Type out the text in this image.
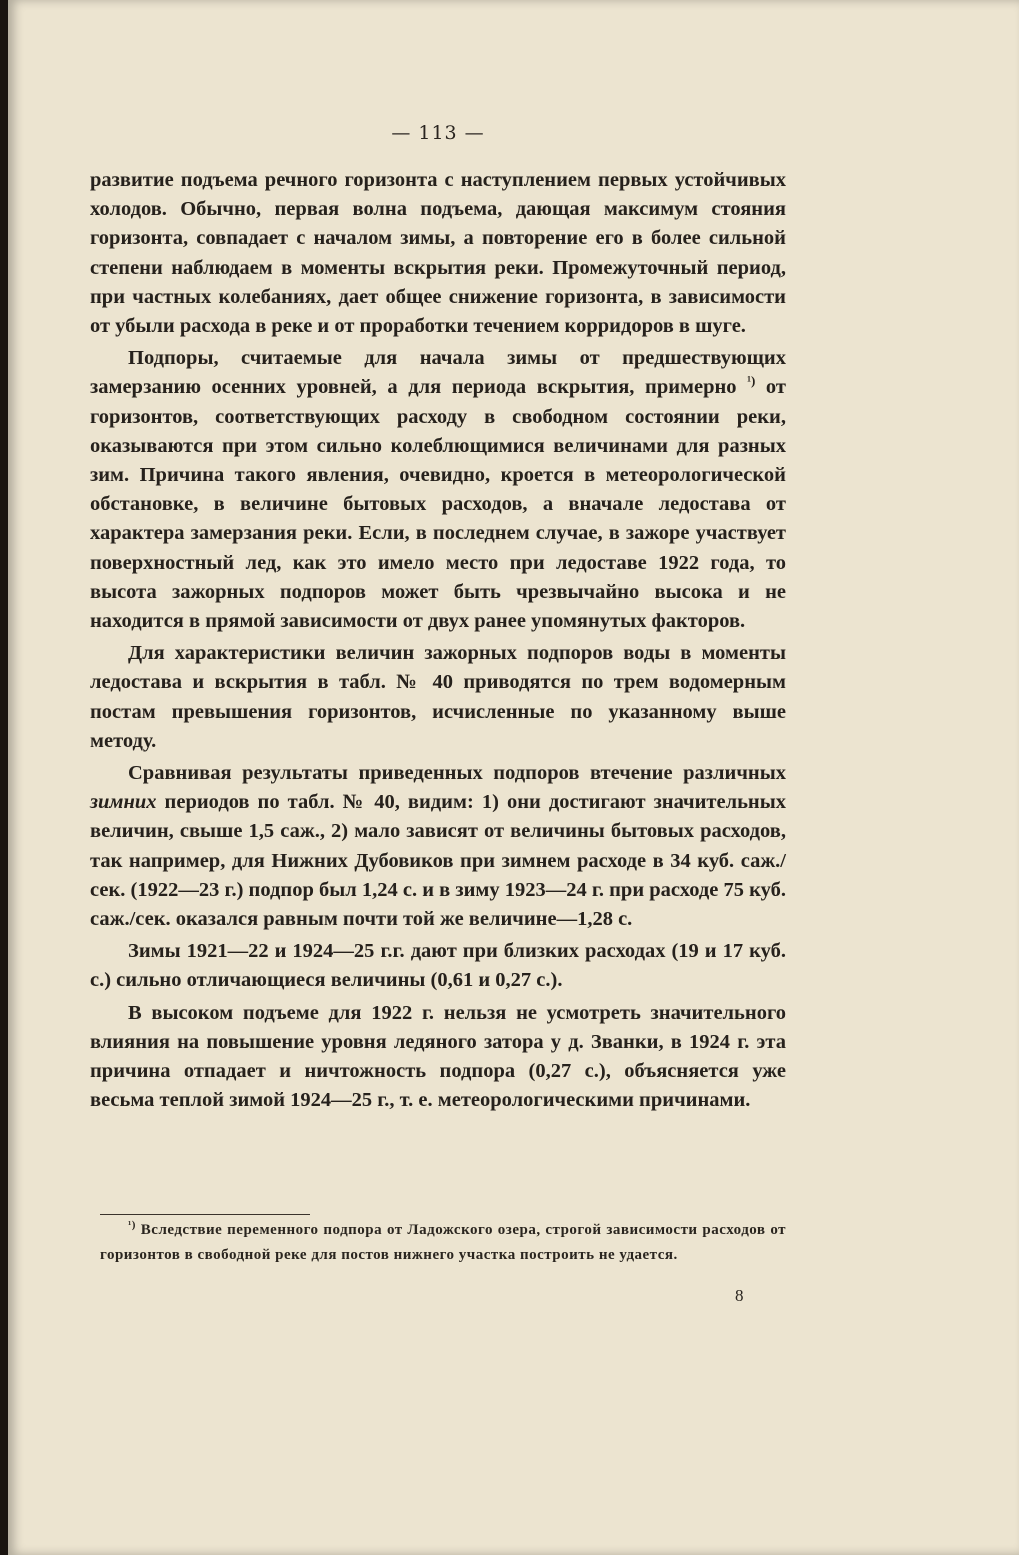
— 113 —

развитие подъема речного горизонта с наступлением первых устойчивых холодов. Обычно, первая волна подъема, дающая максимум стояния горизонта, совпадает с началом зимы, а повторение его в более сильной степени наблюдаем в моменты вскрытия реки. Промежуточный период, при частных колебаниях, дает общее снижение горизонта, в зависимости от убыли расхода в реке и от проработки течением корридоров в шуге.

Подпоры, считаемые для начала зимы от предшествующих замерзанию осенних уровней, а для периода вскрытия, примерно $^{^1)}$ от горизонтов, соответствующих расходу в свободном состоянии реки, оказываются при этом сильно колеблющимися величинами для разных зим. Причина такого явления, очевидно, кроется в метеорологической обстановке, в величине бытовых расходов, а вначале ледостава от характера замерзания реки. Если, в последнем случае, в зажоре участвует поверхностный лед, как это имело место при ледоставе 1922 года, то высота зажорных подпоров может быть чрезвычайно высока и не находится в прямой зависимости от двух ранее упомянутых факторов.

Для характеристики величин зажорных подпоров воды в моменты ледостава и вскрытия в табл. № 40 приводятся по трем водомерным постам превышения горизонтов, исчисленные по указанному выше методу.

Сравнивая результаты приведенных подпоров втечение различных зимних периодов по табл. № 40, видим: 1) они достигают значительных величин, свыше 1,5 саж., 2) мало зависят от величины бытовых расходов, так например, для Нижних Дубовиков при зимнем расходе в 34 куб. саж./сек. (1922—23 г.) подпор был 1,24 с. и в зиму 1923—24 г. при расходе 75 куб. саж./сек. оказался равным почти той же величине—1,28 с.

Зимы 1921—22 и 1924—25 г.г. дают при близких расходах (19 и 17 куб. с.) сильно отличающиеся величины (0,61 и 0,27 с.).

В высоком подъеме для 1922 г. нельзя не усмотреть значительного влияния на повышение уровня ледяного затора у д. Званки, в 1924 г. эта причина отпадает и ничтожность подпора (0,27 с.), объясняется уже весьма теплой зимой 1924—25 г., т. е. метеорологическими причинами.

$^{^1)}$ Вследствие переменного подпора от Ладожского озера, строгой зависимости расходов от горизонтов в свободной реке для постов нижнего участка построить не удается.
8
